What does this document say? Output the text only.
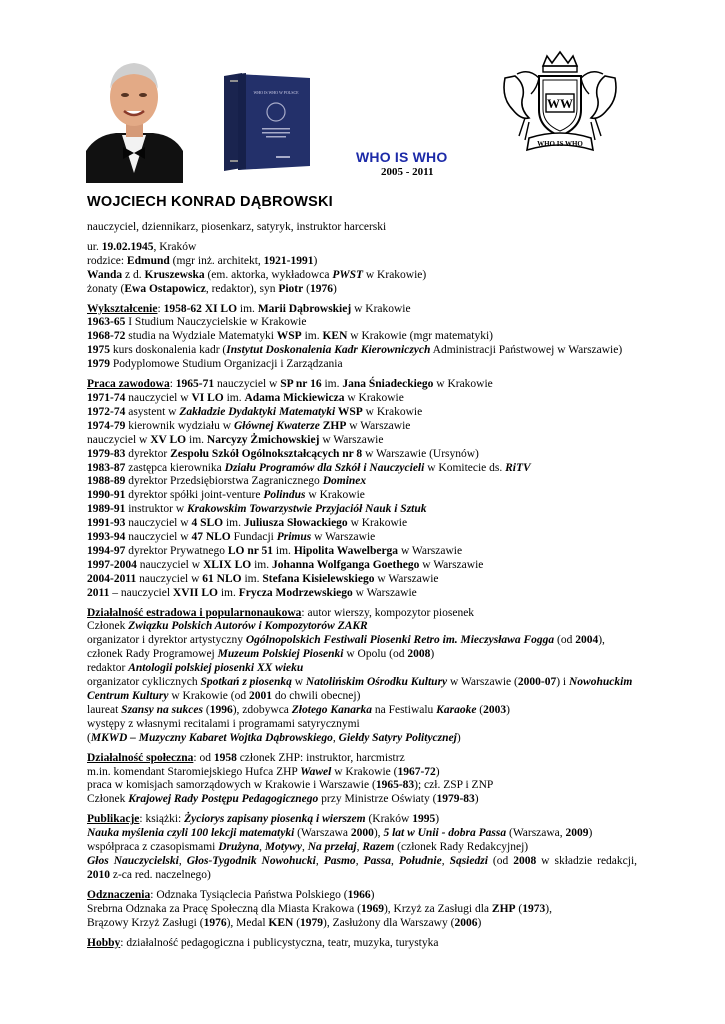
WHO IS WHO W POLSCE
WW
WHO IS WHO
WHO IS WHO
2005 - 2011
WOJCIECH KONRAD DĄBROWSKI

nauczyciel, dziennikarz, piosenkarz, satyryk, instruktor harcerski

ur. 19.02.1945, Kraków

rodzice: Edmund (mgr inż. architekt, 1921-1991)

Wanda z d. Kruszewska (em. aktorka, wykładowca PWST w Krakowie)

żonaty (Ewa Ostapowicz, redaktor), syn Piotr (1976)

Wykształcenie: 1958-62 XI LO im. Marii Dąbrowskiej w Krakowie

1963-65 I Studium Nauczycielskie w Krakowie

1968-72 studia na Wydziale Matematyki WSP im. KEN w Krakowie (mgr matematyki)

1975 kurs doskonalenia kadr (Instytut Doskonalenia Kadr Kierowniczych Administracji Państwowej w Warszawie)

1979 Podyplomowe Studium Organizacji i Zarządzania

Praca zawodowa: 1965-71 nauczyciel w SP nr 16 im. Jana Śniadeckiego w Krakowie

1971-74 nauczyciel w VI LO im. Adama Mickiewicza w Krakowie

1972-74 asystent w Zakładzie Dydaktyki Matematyki WSP w Krakowie

1974-79 kierownik wydziału w Głównej Kwaterze ZHP w Warszawie

nauczyciel w XV LO im. Narcyzy Żmichowskiej w Warszawie

1979-83 dyrektor Zespołu Szkół Ogólnokształcących nr 8 w Warszawie (Ursynów)

1983-87 zastępca kierownika Działu Programów dla Szkół i Nauczycieli w Komitecie ds. RiTV

1988-89 dyrektor Przedsiębiorstwa Zagranicznego Dominex

1990-91 dyrektor spółki joint-venture Polindus w Krakowie

1989-91 instruktor w Krakowskim Towarzystwie Przyjaciół Nauk i Sztuk

1991-93 nauczyciel w 4 SLO im. Juliusza Słowackiego w Krakowie

1993-94 nauczyciel w 47 NLO Fundacji Primus w Warszawie

1994-97 dyrektor Prywatnego LO nr 51 im. Hipolita Wawelberga w Warszawie

1997-2004 nauczyciel w XLIX LO im. Johanna Wolfganga Goethego w Warszawie

2004-2011 nauczyciel w 61 NLO im. Stefana Kisielewskiego w Warszawie

2011 – nauczyciel XVII LO im. Frycza Modrzewskiego w Warszawie

Działalność estradowa i popularnonaukowa: autor wierszy, kompozytor piosenek

Członek Związku Polskich Autorów i Kompozytorów ZAKR

organizator i dyrektor artystyczny Ogólnopolskich Festiwali Piosenki Retro im. Mieczysława Fogga (od 2004), członek Rady Programowej Muzeum Polskiej Piosenki w Opolu (od 2008)

redaktor Antologii polskiej piosenki XX wieku

organizator cyklicznych Spotkań z piosenką w Natolińskim Ośrodku Kultury w Warszawie (2000-07) i Nowohuckim Centrum Kultury w Krakowie (od 2001 do chwili obecnej)

laureat Szansy na sukces (1996), zdobywca Złotego Kanarka na Festiwalu Karaoke (2003)

występy z własnymi recitalami i programami satyrycznymi

(MKWD – Muzyczny Kabaret Wojtka Dąbrowskiego, Giełdy Satyry Politycznej)

Działalność społeczna: od 1958 członek ZHP: instruktor, harcmistrz

m.in. komendant Staromiejskiego Hufca ZHP Wawel w Krakowie (1967-72)

praca w komisjach samorządowych w Krakowie i Warszawie (1965-83); czł. ZSP i ZNP

Członek Krajowej Rady Postępu Pedagogicznego przy Ministrze Oświaty (1979-83)

Publikacje: książki: Życiorys zapisany piosenką i wierszem (Kraków 1995)

Nauka myślenia czyli 100 lekcji matematyki (Warszawa 2000), 5 lat w Unii - dobra Passa (Warszawa, 2009)

współpraca z czasopismami Drużyna, Motywy, Na przełaj, Razem (członek Rady Redakcyjnej)

Głos Nauczycielski, Głos-Tygodnik Nowohucki, Pasmo, Passa, Południe, Sąsiedzi (od 2008 w składzie redakcji, 2010 z-ca red. naczelnego)

Odznaczenia: Odznaka Tysiąclecia Państwa Polskiego (1966)

Srebrna Odznaka za Pracę Społeczną dla Miasta Krakowa (1969), Krzyż za Zasługi dla ZHP (1973),

Brązowy Krzyż Zasługi (1976), Medal KEN (1979), Zasłużony dla Warszawy (2006)

Hobby: działalność pedagogiczna i publicystyczna, teatr, muzyka, turystyka
